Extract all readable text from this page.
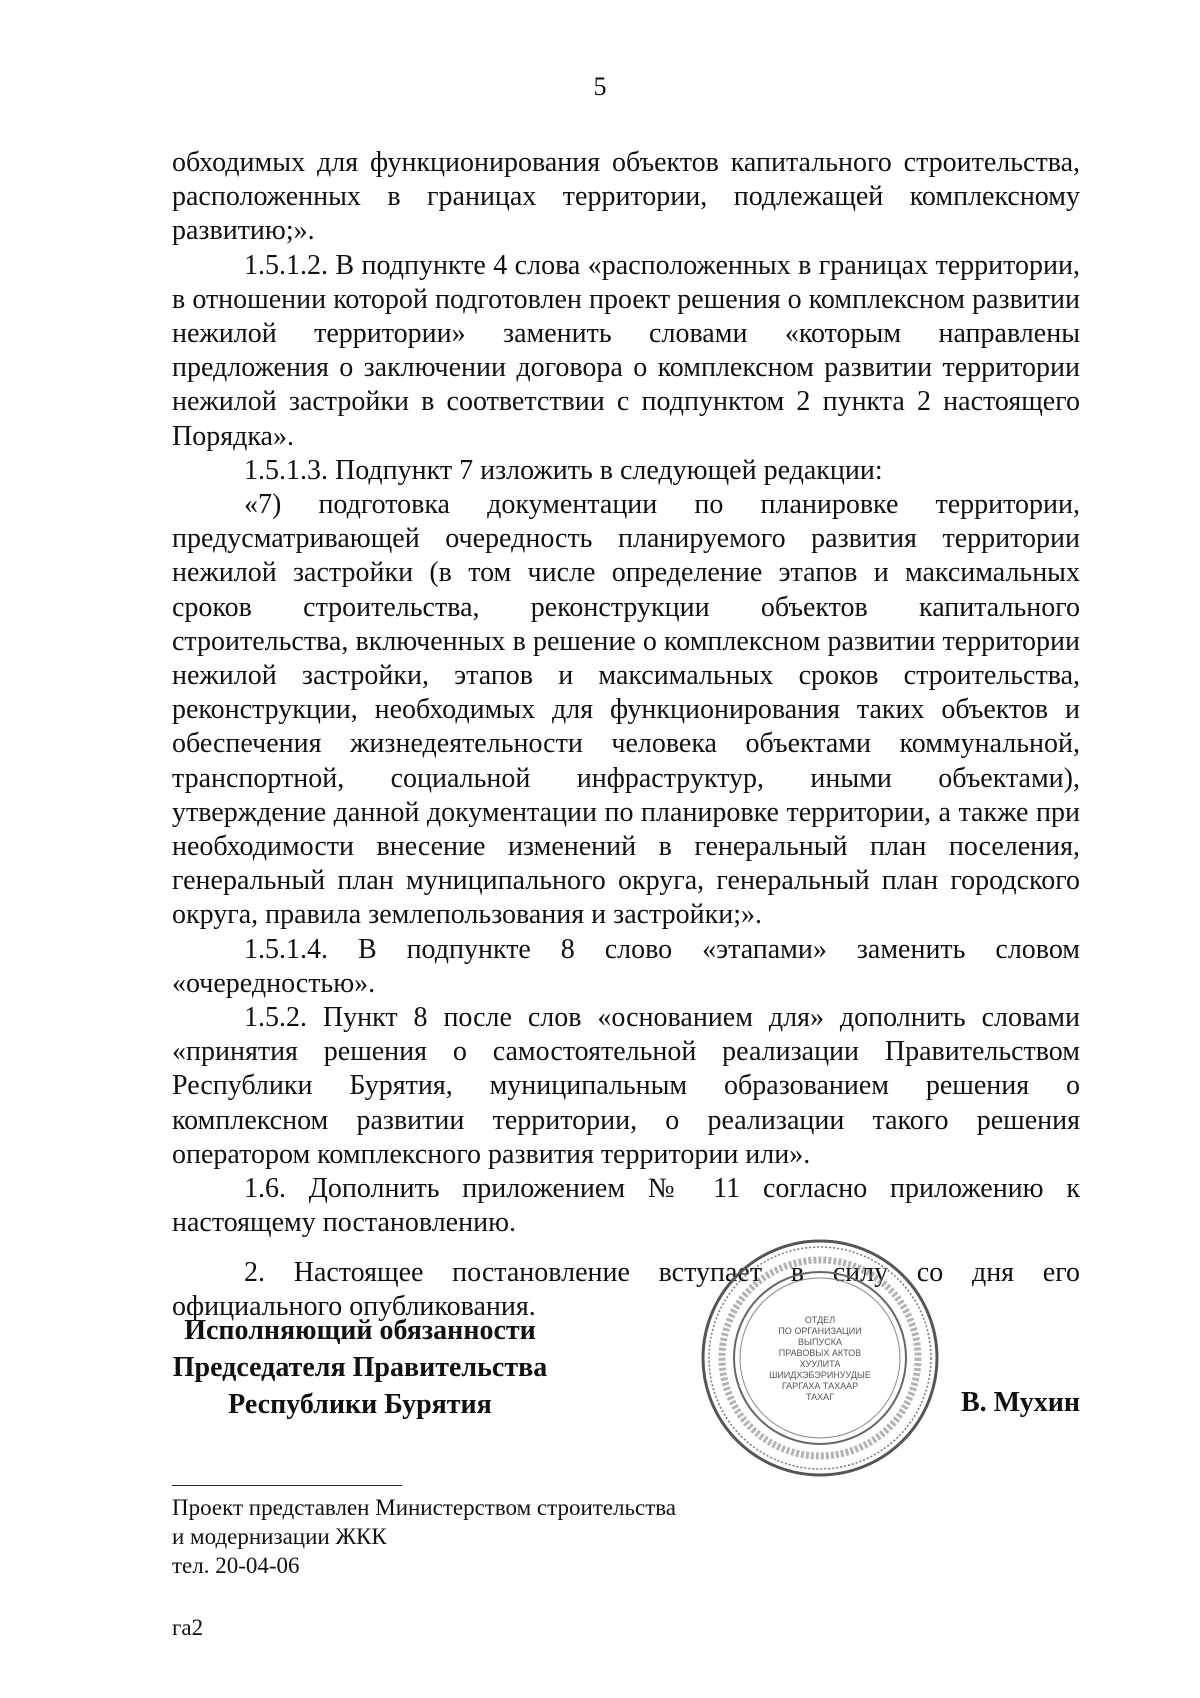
5

обходимых для функционирования объектов капитального строительства, расположенных в границах территории, подлежащей комплексному развитию;».

1.5.1.2. В подпункте 4 слова «расположенных в границах территории, в отношении которой подготовлен проект решения о комплексном развитии нежилой территории» заменить словами «которым направлены предложения о заключении договора о комплексном развитии территории нежилой застройки в соответствии с подпунктом 2 пункта 2 настоящего Порядка».

1.5.1.3. Подпункт 7 изложить в следующей редакции:

«7) подготовка документации по планировке территории, предусматривающей очередность планируемого развития территории нежилой застройки (в том числе определение этапов и максимальных сроков строительства, реконструкции объектов капитального строительства, включенных в решение о комплексном развитии территории нежилой застройки, этапов и максимальных сроков строительства, реконструкции, необходимых для функционирования таких объектов и обеспечения жизнедеятельности человека объектами коммунальной, транспортной, социальной инфраструктур, иными объектами), утверждение данной документации по планировке территории, а также при необходимости внесение изменений в генеральный план поселения, генеральный план муниципального округа, генеральный план городского округа, правила землепользования и застройки;».

1.5.1.4. В подпункте 8 слово «этапами» заменить словом «очередностью».

1.5.2. Пункт 8 после слов «основанием для» дополнить словами «принятия решения о самостоятельной реализации Правительством Республики Бурятия, муниципальным образованием решения о комплексном развитии территории, о реализации такого решения оператором комплексного развития территории или».

1.6. Дополнить приложением № 11 согласно приложению к настоящему постановлению.

2. Настоящее постановление вступает в силу со дня его официального опубликования.

Исполняющий обязанности
Председателя Правительства
Республики Бурятия
ОТДЕЛ
ПО ОРГАНИЗАЦИИ
ВЫПУСКА
ПРАВОВЫХ АКТОВ
ХУУЛИТА
ШИИДХЭБЭРИНУУДЫЕ
ГАРГАХА ТАХААР
ТАХАГ	В. Мухин
Проект представлен Министерством строительства
и модернизации ЖКК
тел. 20-04-06
га2
